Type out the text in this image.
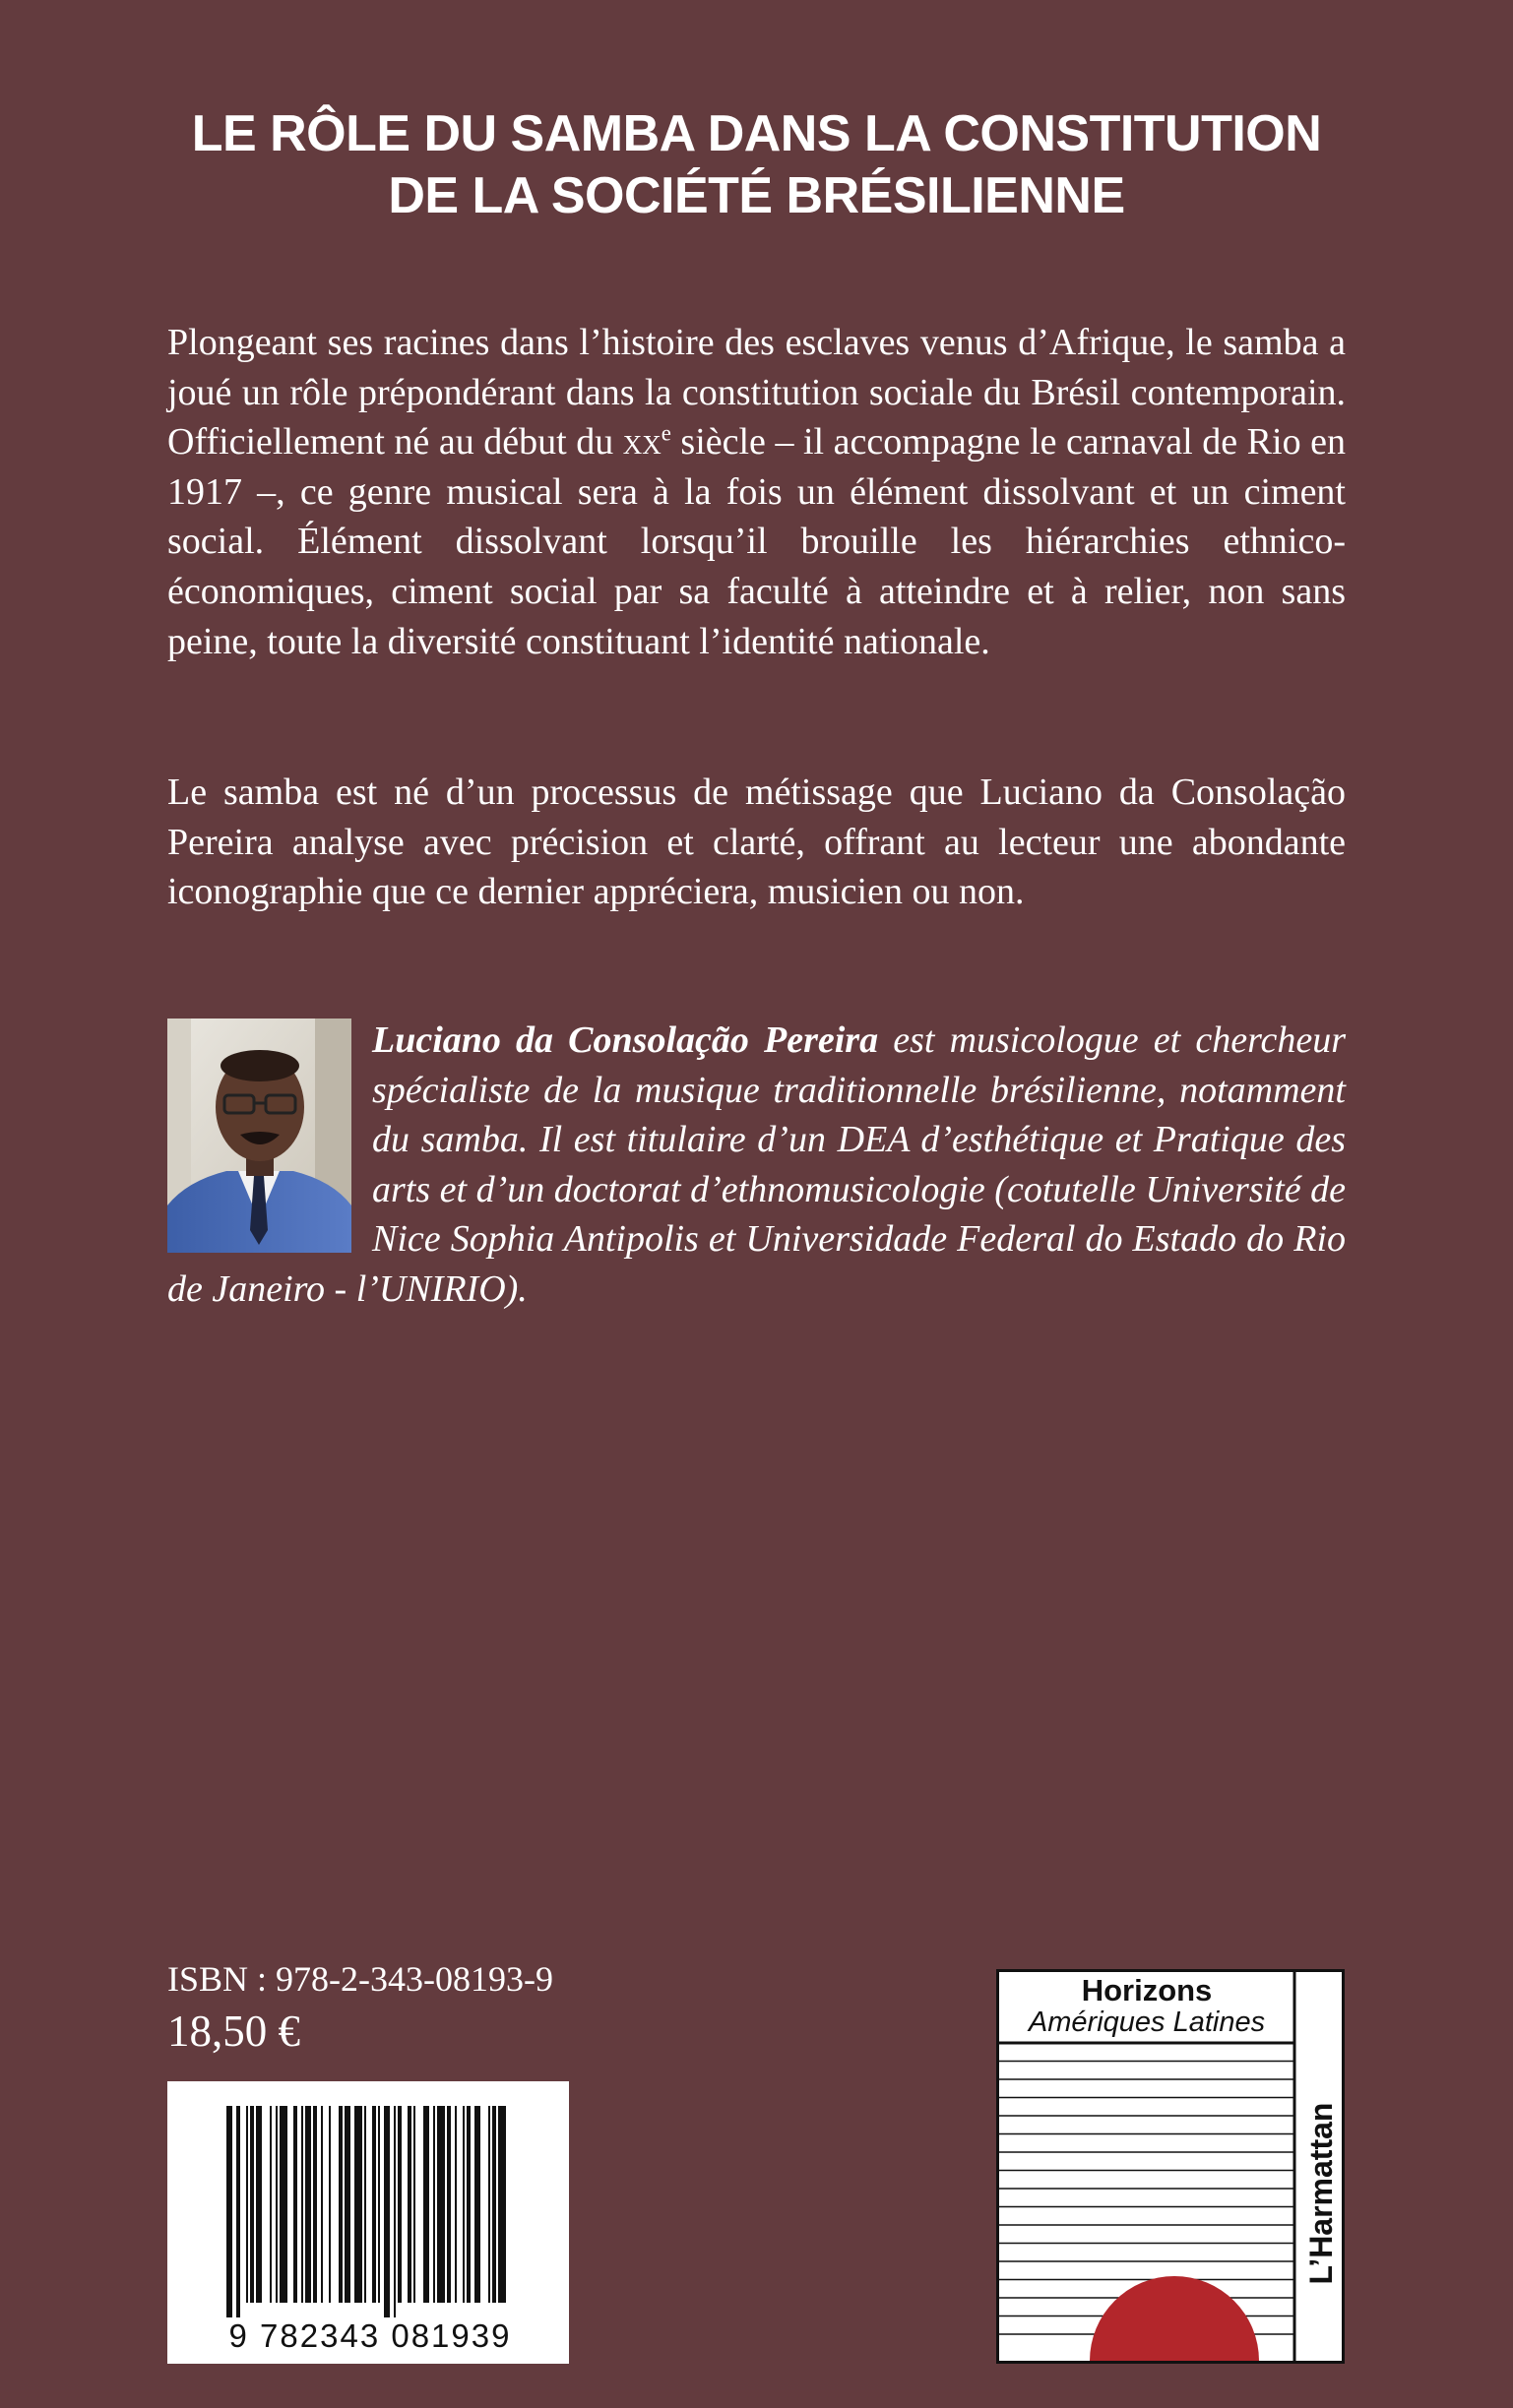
LE RÔLE DU SAMBA DANS LA CONSTITUTION
DE LA SOCIÉTÉ BRÉSILIENNE

Plongeant ses racines dans l’histoire des esclaves venus d’Afrique, le samba a joué un rôle prépondérant dans la constitution sociale du Brésil contemporain. Officiellement né au début du $xx^e$ siècle – il accompagne le carnaval de Rio en 1917 –, ce genre musical sera à la fois un élément dissolvant et un ciment social. Élément dissolvant lorsqu’il brouille les hiérarchies ethnico-économiques, ciment social par sa faculté à atteindre et à relier, non sans peine, toute la diversité constituant l’identité nationale.

Le samba est né d’un processus de métissage que Luciano da Consolação Pereira analyse avec précision et clarté, offrant au lecteur une abondante iconographie que ce dernier appréciera, musicien ou non.

Luciano da Consolação Pereira est musicologue et chercheur spécialiste de la musique traditionnelle brésilienne, notamment du samba. Il est titulaire d’un DEA d’esthétique et Pratique des arts et d’un doctorat d’ethnomusicologie (cotutelle Université de Nice Sophia Antipolis et Universidade Federal do Estado do Rio de Janeiro - l’UNIRIO).

ISBN : 978-2-343-08193-9

18,50 €

9 782343 081939
Horizons
Amériques Latines
L’Harmattan
